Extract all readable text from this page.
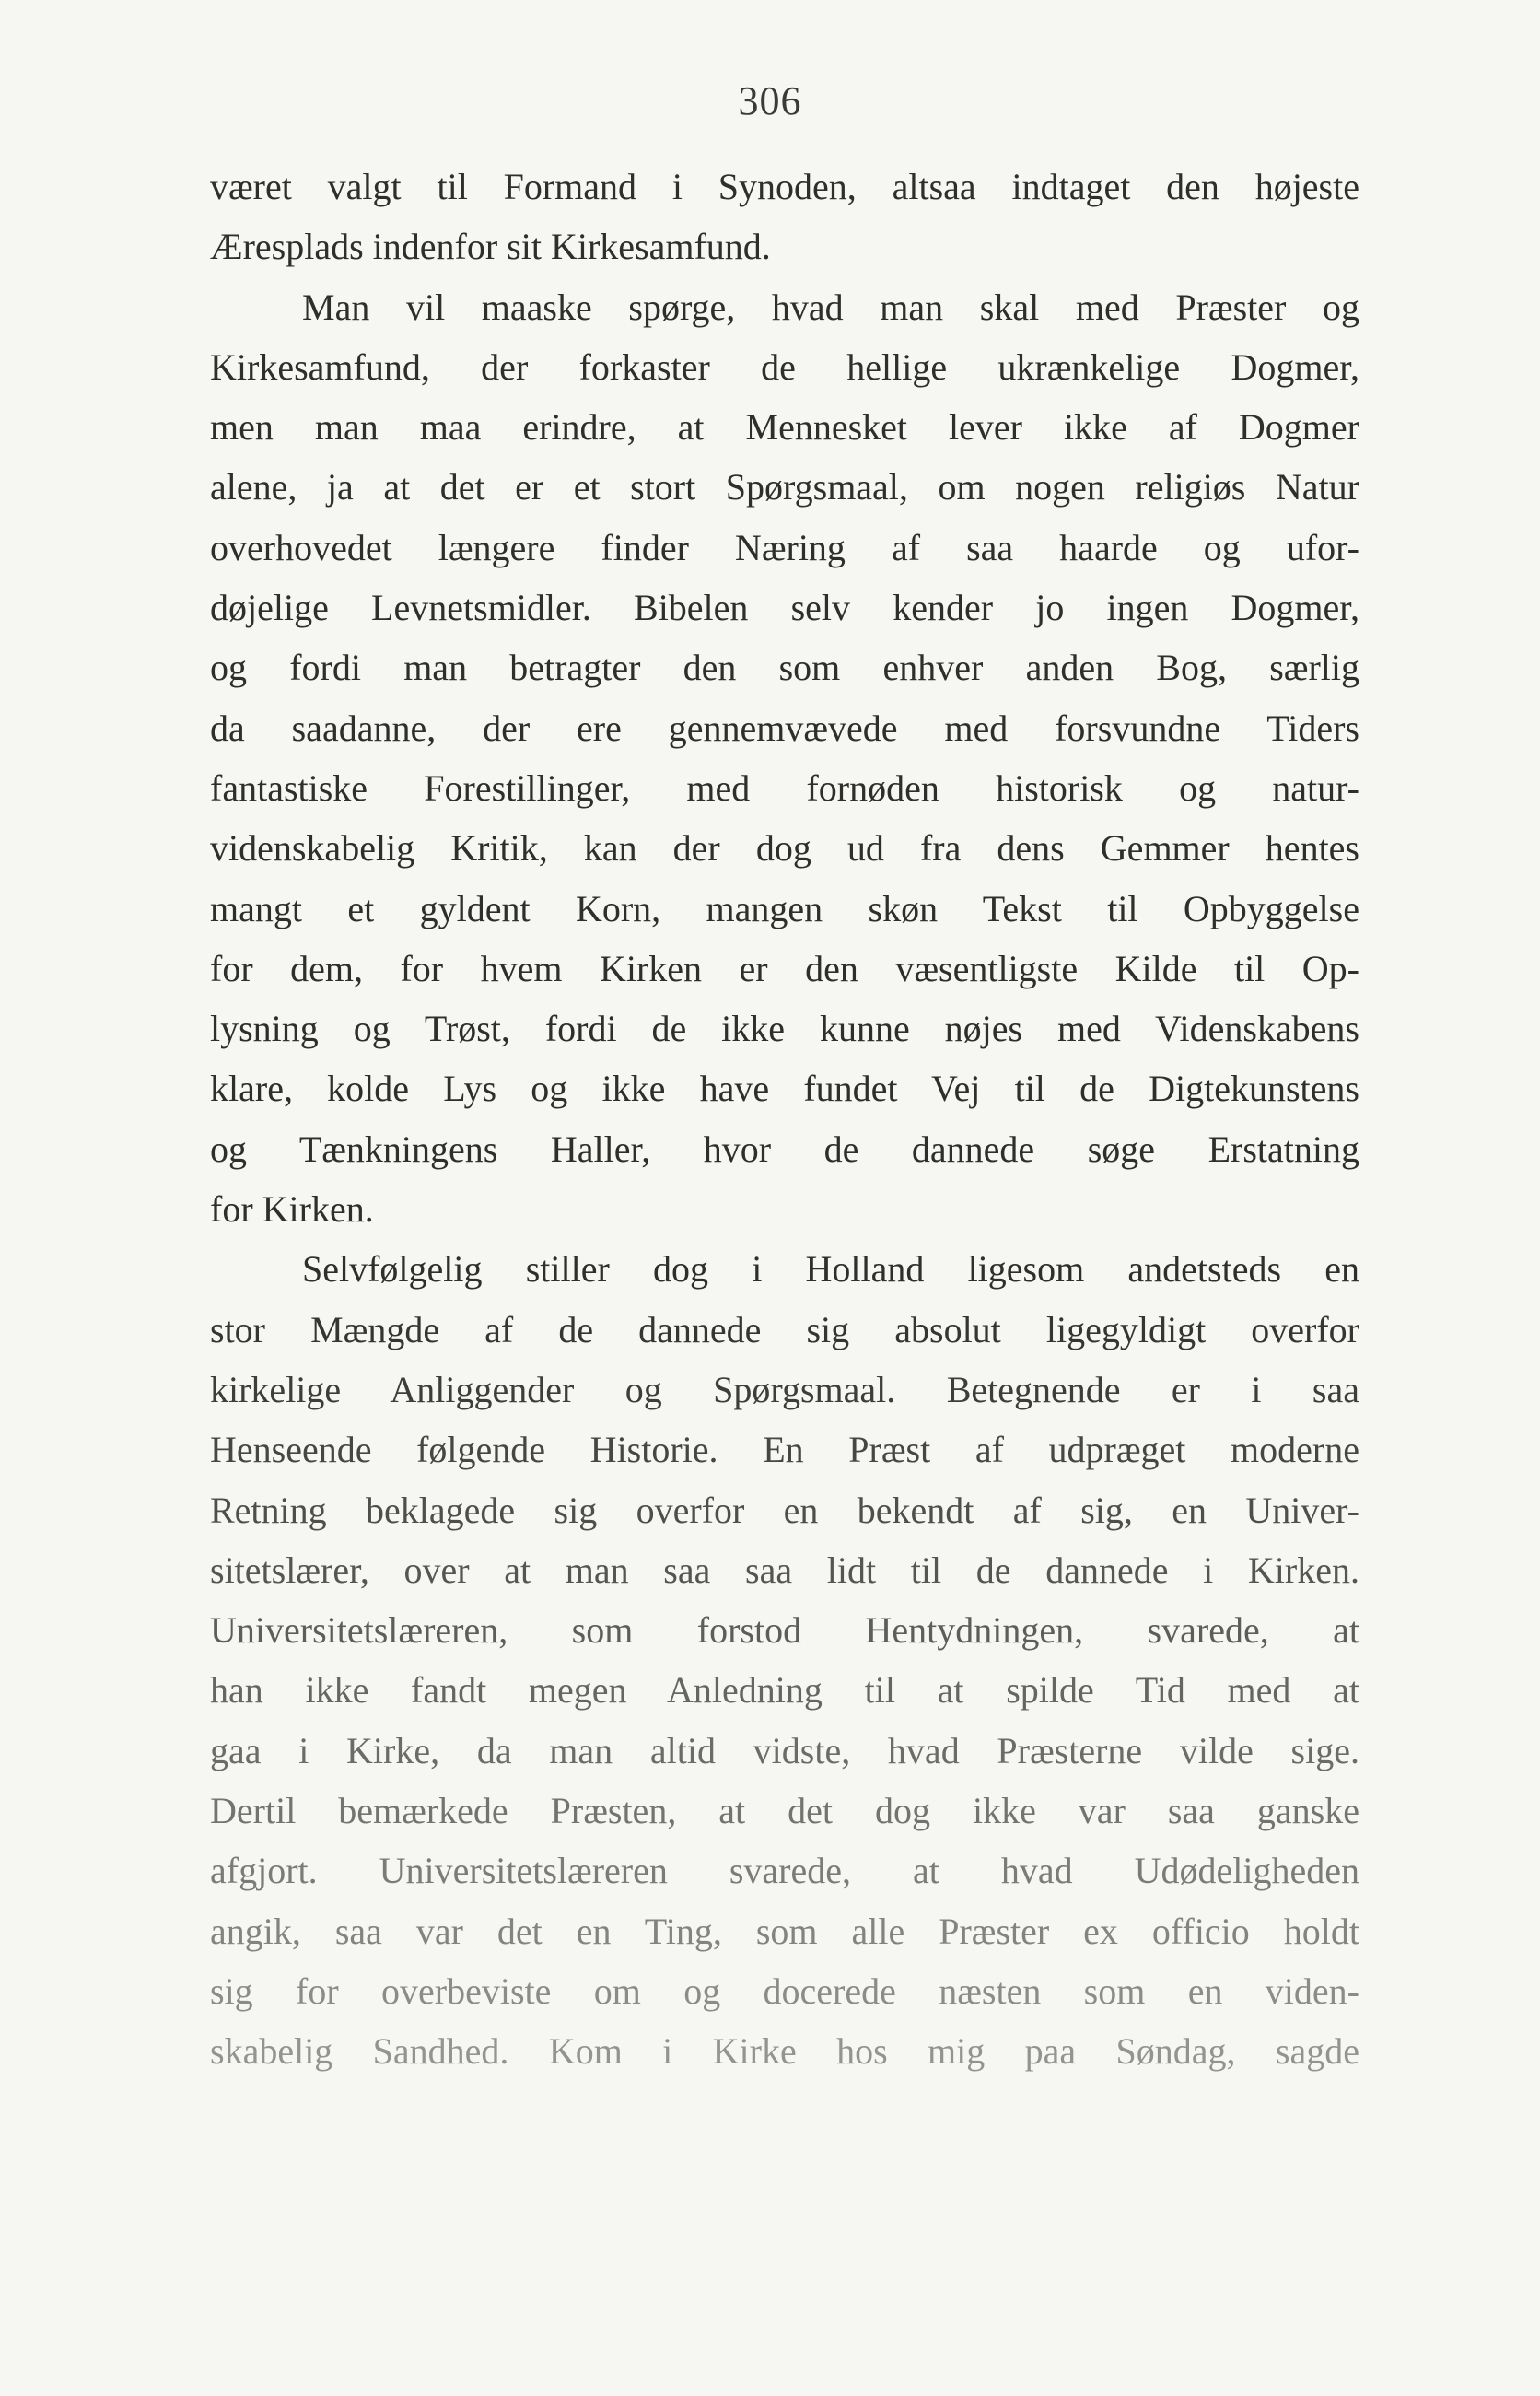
306
været valgt til Formand i Synoden, altsaa indtaget den højeste
Æresplads indenfor sit Kirkesamfund.
Man vil maaske spørge, hvad man skal med Præster og
Kirkesamfund, der forkaster de hellige ukrænkelige Dogmer,
men man maa erindre, at Mennesket lever ikke af Dogmer
alene, ja at det er et stort Spørgsmaal, om nogen religiøs Natur
overhovedet længere finder Næring af saa haarde og ufor-
døjelige Levnetsmidler. Bibelen selv kender jo ingen Dogmer,
og fordi man betragter den som enhver anden Bog, særlig
da saadanne, der ere gennemvævede med forsvundne Tiders
fantastiske Forestillinger, med fornøden historisk og natur-
videnskabelig Kritik, kan der dog ud fra dens Gemmer hentes
mangt et gyldent Korn, mangen skøn Tekst til Opbyggelse
for dem, for hvem Kirken er den væsentligste Kilde til Op-
lysning og Trøst, fordi de ikke kunne nøjes med Videnskabens
klare, kolde Lys og ikke have fundet Vej til de Digtekunstens
og Tænkningens Haller, hvor de dannede søge Erstatning
for Kirken.
Selvfølgelig stiller dog i Holland ligesom andetsteds en
stor Mængde af de dannede sig absolut ligegyldigt overfor
kirkelige Anliggender og Spørgsmaal. Betegnende er i saa
Henseende følgende Historie. En Præst af udpræget moderne
Retning beklagede sig overfor en bekendt af sig, en Univer-
sitetslærer, over at man saa saa lidt til de dannede i Kirken.
Universitetslæreren, som forstod Hentydningen, svarede, at
han ikke fandt megen Anledning til at spilde Tid med at
gaa i Kirke, da man altid vidste, hvad Præsterne vilde sige.
Dertil bemærkede Præsten, at det dog ikke var saa ganske
afgjort. Universitetslæreren svarede, at hvad Udødeligheden
angik, saa var det en Ting, som alle Præster ex officio holdt
sig for overbeviste om og docerede næsten som en viden-
skabelig Sandhed. Kom i Kirke hos mig paa Søndag, sagde
